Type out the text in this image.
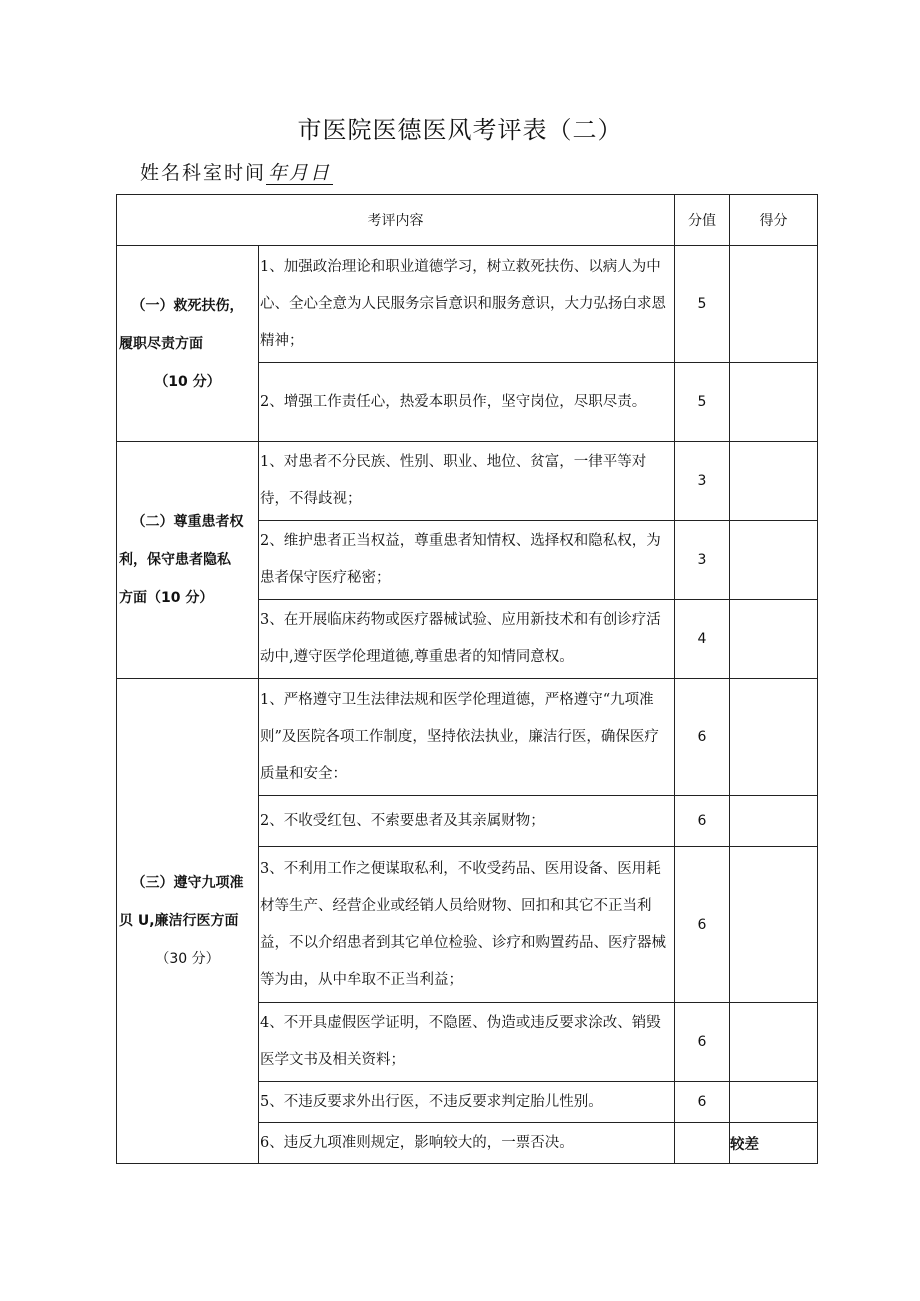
市医院医德医风考评表（二）
姓名科室时间 年月日
考评内容		分值	得分

（一）救死扶伤，
履职尽责方面
（10 分）	1、加强政治理论和职业道德学习，树立救死扶伤、以病人为中心、全心全意为人民服务宗旨意识和服务意识，大力弘扬白求恩精神；	5	
	2、增强工作责任心，热爱本职员作，坚守岗位，尽职尽责。	5	

（二）尊重患者权
利，保守患者隐私
方面（10 分）	1、对患者不分民族、性别、职业、地位、贫富，一律平等对待，不得歧视；	3	
	2、维护患者正当权益，尊重患者知情权、选择权和隐私权，为患者保守医疗秘密；	3	
	3、在开展临床药物或医疗器械试验、应用新技术和有创诊疗活动中,遵守医学伦理道德,尊重患者的知情同意权。	4	

（三）遵守九项准
贝 U,廉洁行医方面
（30 分）	1、严格遵守卫生法律法规和医学伦理道德，严格遵守“九项准则”及医院各项工作制度，坚持依法执业，廉洁行医，确保医疗质量和安全：	6	
	2、不收受红包、不索要患者及其亲属财物；	6	
	3、不利用工作之便谋取私利，不收受药品、医用设备、医用耗材等生产、经营企业或经销人员给财物、回扣和其它不正当利益，不以介绍患者到其它单位检验、诊疗和购置药品、医疗器械等为由，从中牟取不正当利益；	6	
	4、不开具虚假医学证明，不隐匿、伪造或违反要求涂改、销毁医学文书及相关资料；	6	
	5、不违反要求外出行医，不违反要求判定胎儿性别。	6	
	6、违反九项准则规定，影响较大的，一票否决。		较差
